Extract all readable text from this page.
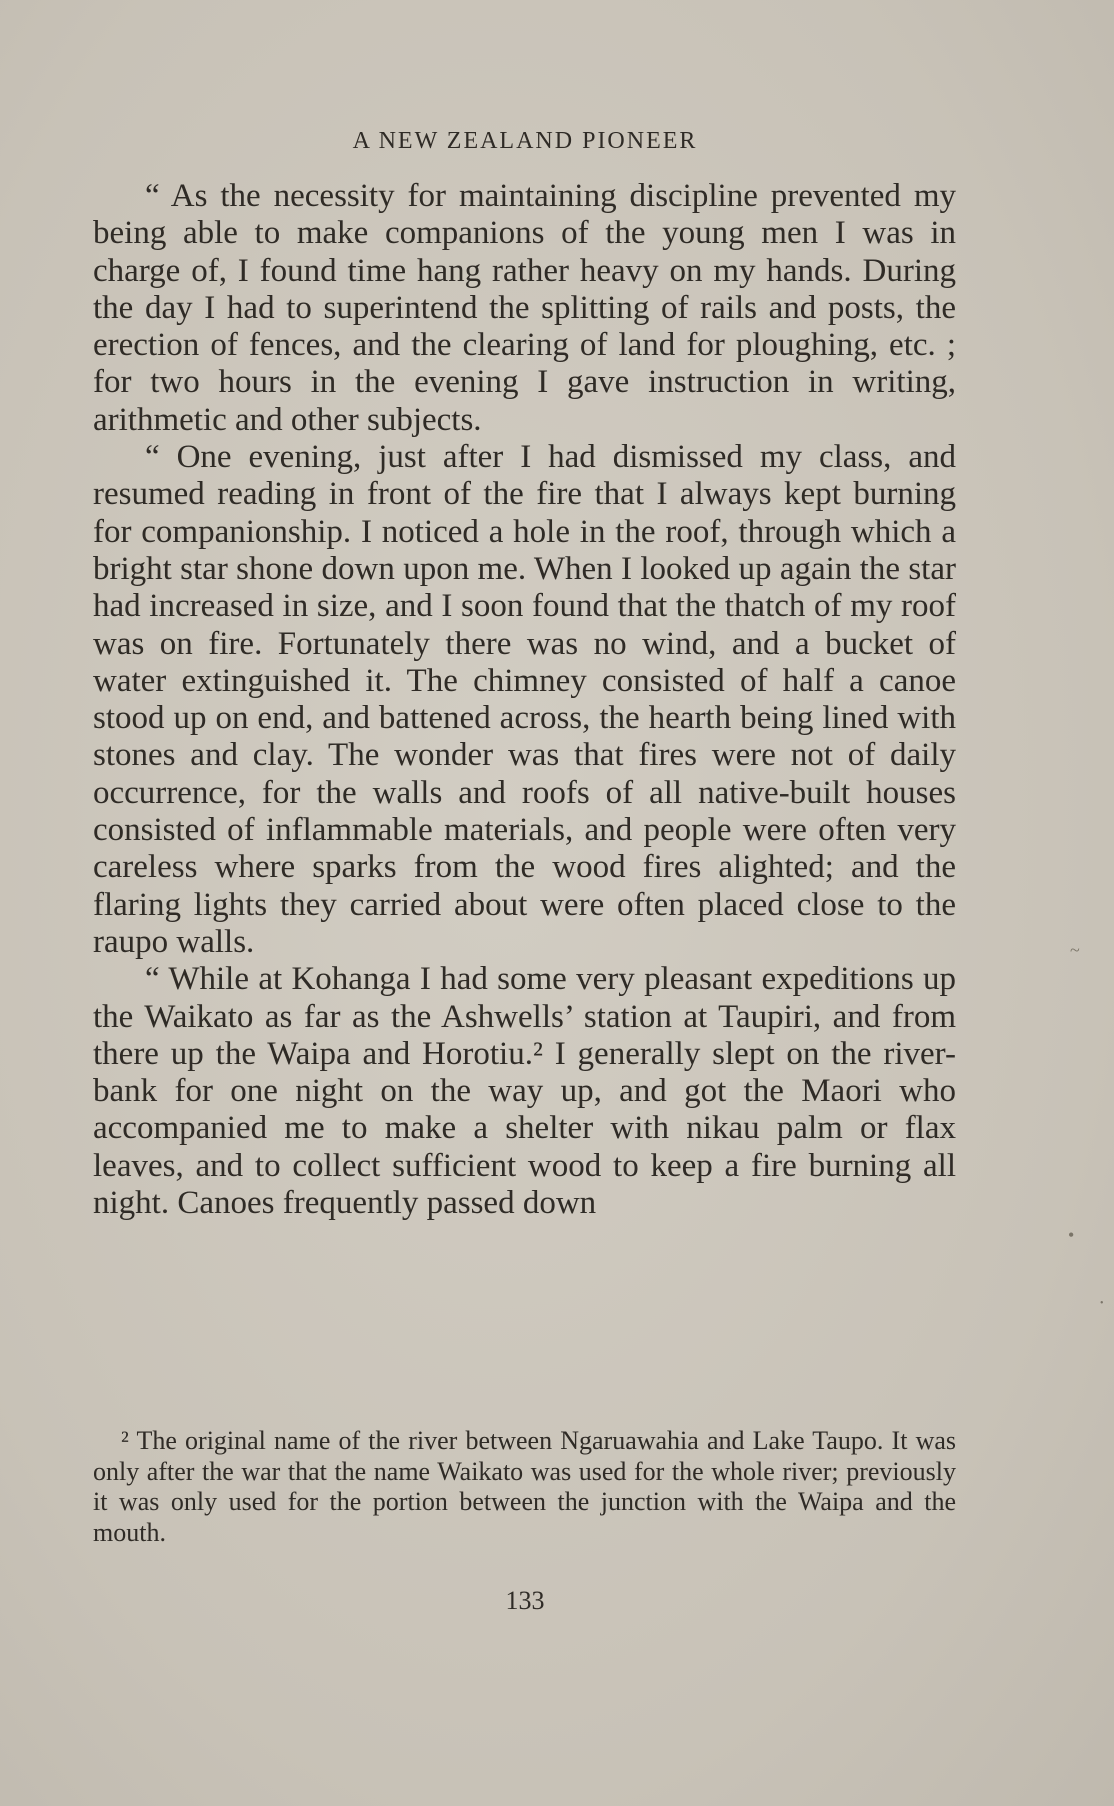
A NEW ZEALAND PIONEER

“ As the necessity for maintaining discipline prevented my being able to make companions of the young men I was in charge of, I found time hang rather heavy on my hands. During the day I had to superintend the splitting of rails and posts, the erection of fences, and the clearing of land for ploughing, etc. ; for two hours in the evening I gave instruction in writing, arithmetic and other subjects.

“ One evening, just after I had dismissed my class, and resumed reading in front of the fire that I always kept burning for companionship. I noticed a hole in the roof, through which a bright star shone down upon me. When I looked up again the star had increased in size, and I soon found that the thatch of my roof was on fire. Fortunately there was no wind, and a bucket of water extinguished it. The chimney consisted of half a canoe stood up on end, and battened across, the hearth being lined with stones and clay. The wonder was that fires were not of daily occurrence, for the walls and roofs of all native-built houses consisted of inflammable materials, and people were often very careless where sparks from the wood fires alighted; and the flaring lights they carried about were often placed close to the raupo walls.

“ While at Kohanga I had some very pleasant expeditions up the Waikato as far as the Ashwells’ station at Taupiri, and from there up the Waipa and Horotiu.² I generally slept on the river-bank for one night on the way up, and got the Maori who accompanied me to make a shelter with nikau palm or flax leaves, and to collect sufficient wood to keep a fire burning all night. Canoes frequently passed down

² The original name of the river between Ngaruawahia and Lake Taupo. It was only after the war that the name Waikato was used for the whole river; previously it was only used for the portion between the junction with the Waipa and the mouth.

133
~
•
•
